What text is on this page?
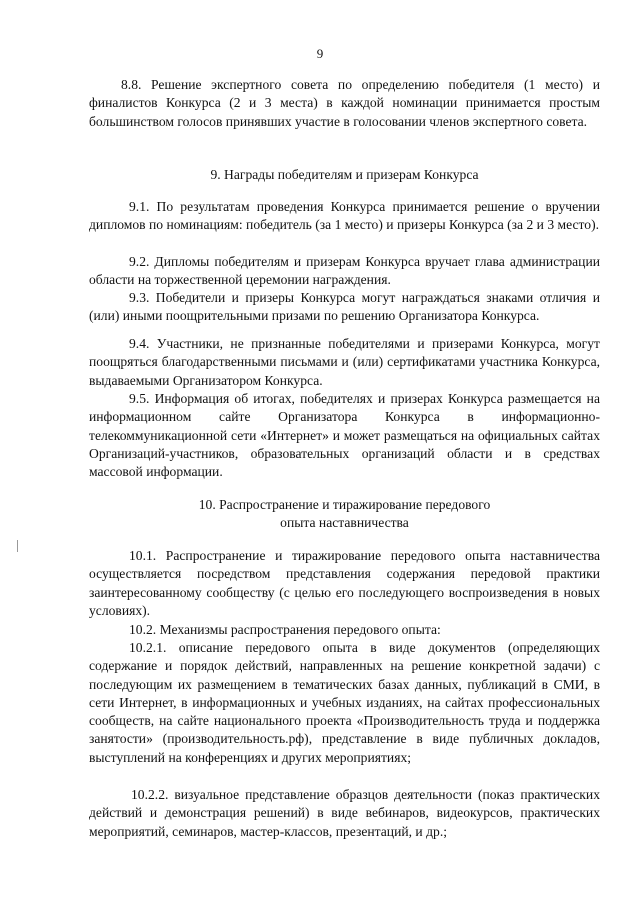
9

8.8. Решение экспертного совета по определению победителя (1 место) и финалистов Конкурса (2 и 3 места) в каждой номинации принимается простым большинством голосов принявших участие в голосовании членов экспертного совета.

9. Награды победителям и призерам Конкурса

9.1. По результатам проведения Конкурса принимается решение о вручении дипломов по номинациям: победитель (за 1 место) и призеры Конкурса (за 2 и 3 место).

9.2. Дипломы победителям и призерам Конкурса вручает глава администрации области на торжественной церемонии награждения.

9.3. Победители и призеры Конкурса могут награждаться знаками отличия и (или) иными поощрительными призами по решению Организатора Конкурса.

9.4. Участники, не признанные победителями и призерами Конкурса, могут поощряться благодарственными письмами и (или) сертификатами участника Конкурса, выдаваемыми Организатором Конкурса.

9.5. Информация об итогах, победителях и призерах Конкурса размещается на информационном сайте Организатора Конкурса в информационно-телекоммуникационной сети «Интернет» и может размещаться на официальных сайтах Организаций-участников, образовательных организаций области и в средствах массовой информации.

10. Распространение и тиражирование передового
опыта наставничества

10.1. Распространение и тиражирование передового опыта наставничества осуществляется посредством представления содержания передовой практики заинтересованному сообществу (с целью его последующего воспроизведения в новых условиях).

10.2. Механизмы распространения передового опыта:

10.2.1. описание передового опыта в виде документов (определяющих содержание и порядок действий, направленных на решение конкретной задачи) с последующим их размещением в тематических базах данных, публикаций в СМИ, в сети Интернет, в информационных и учебных изданиях, на сайтах профессиональных сообществ, на сайте национального проекта «Производительность труда и поддержка занятости» (производительность.рф), представление в виде публичных докладов, выступлений на конференциях и других мероприятиях;

10.2.2. визуальное представление образцов деятельности (показ практических действий и демонстрация решений) в виде вебинаров, видеокурсов, практических мероприятий, семинаров, мастер-классов, презентаций, и др.;
